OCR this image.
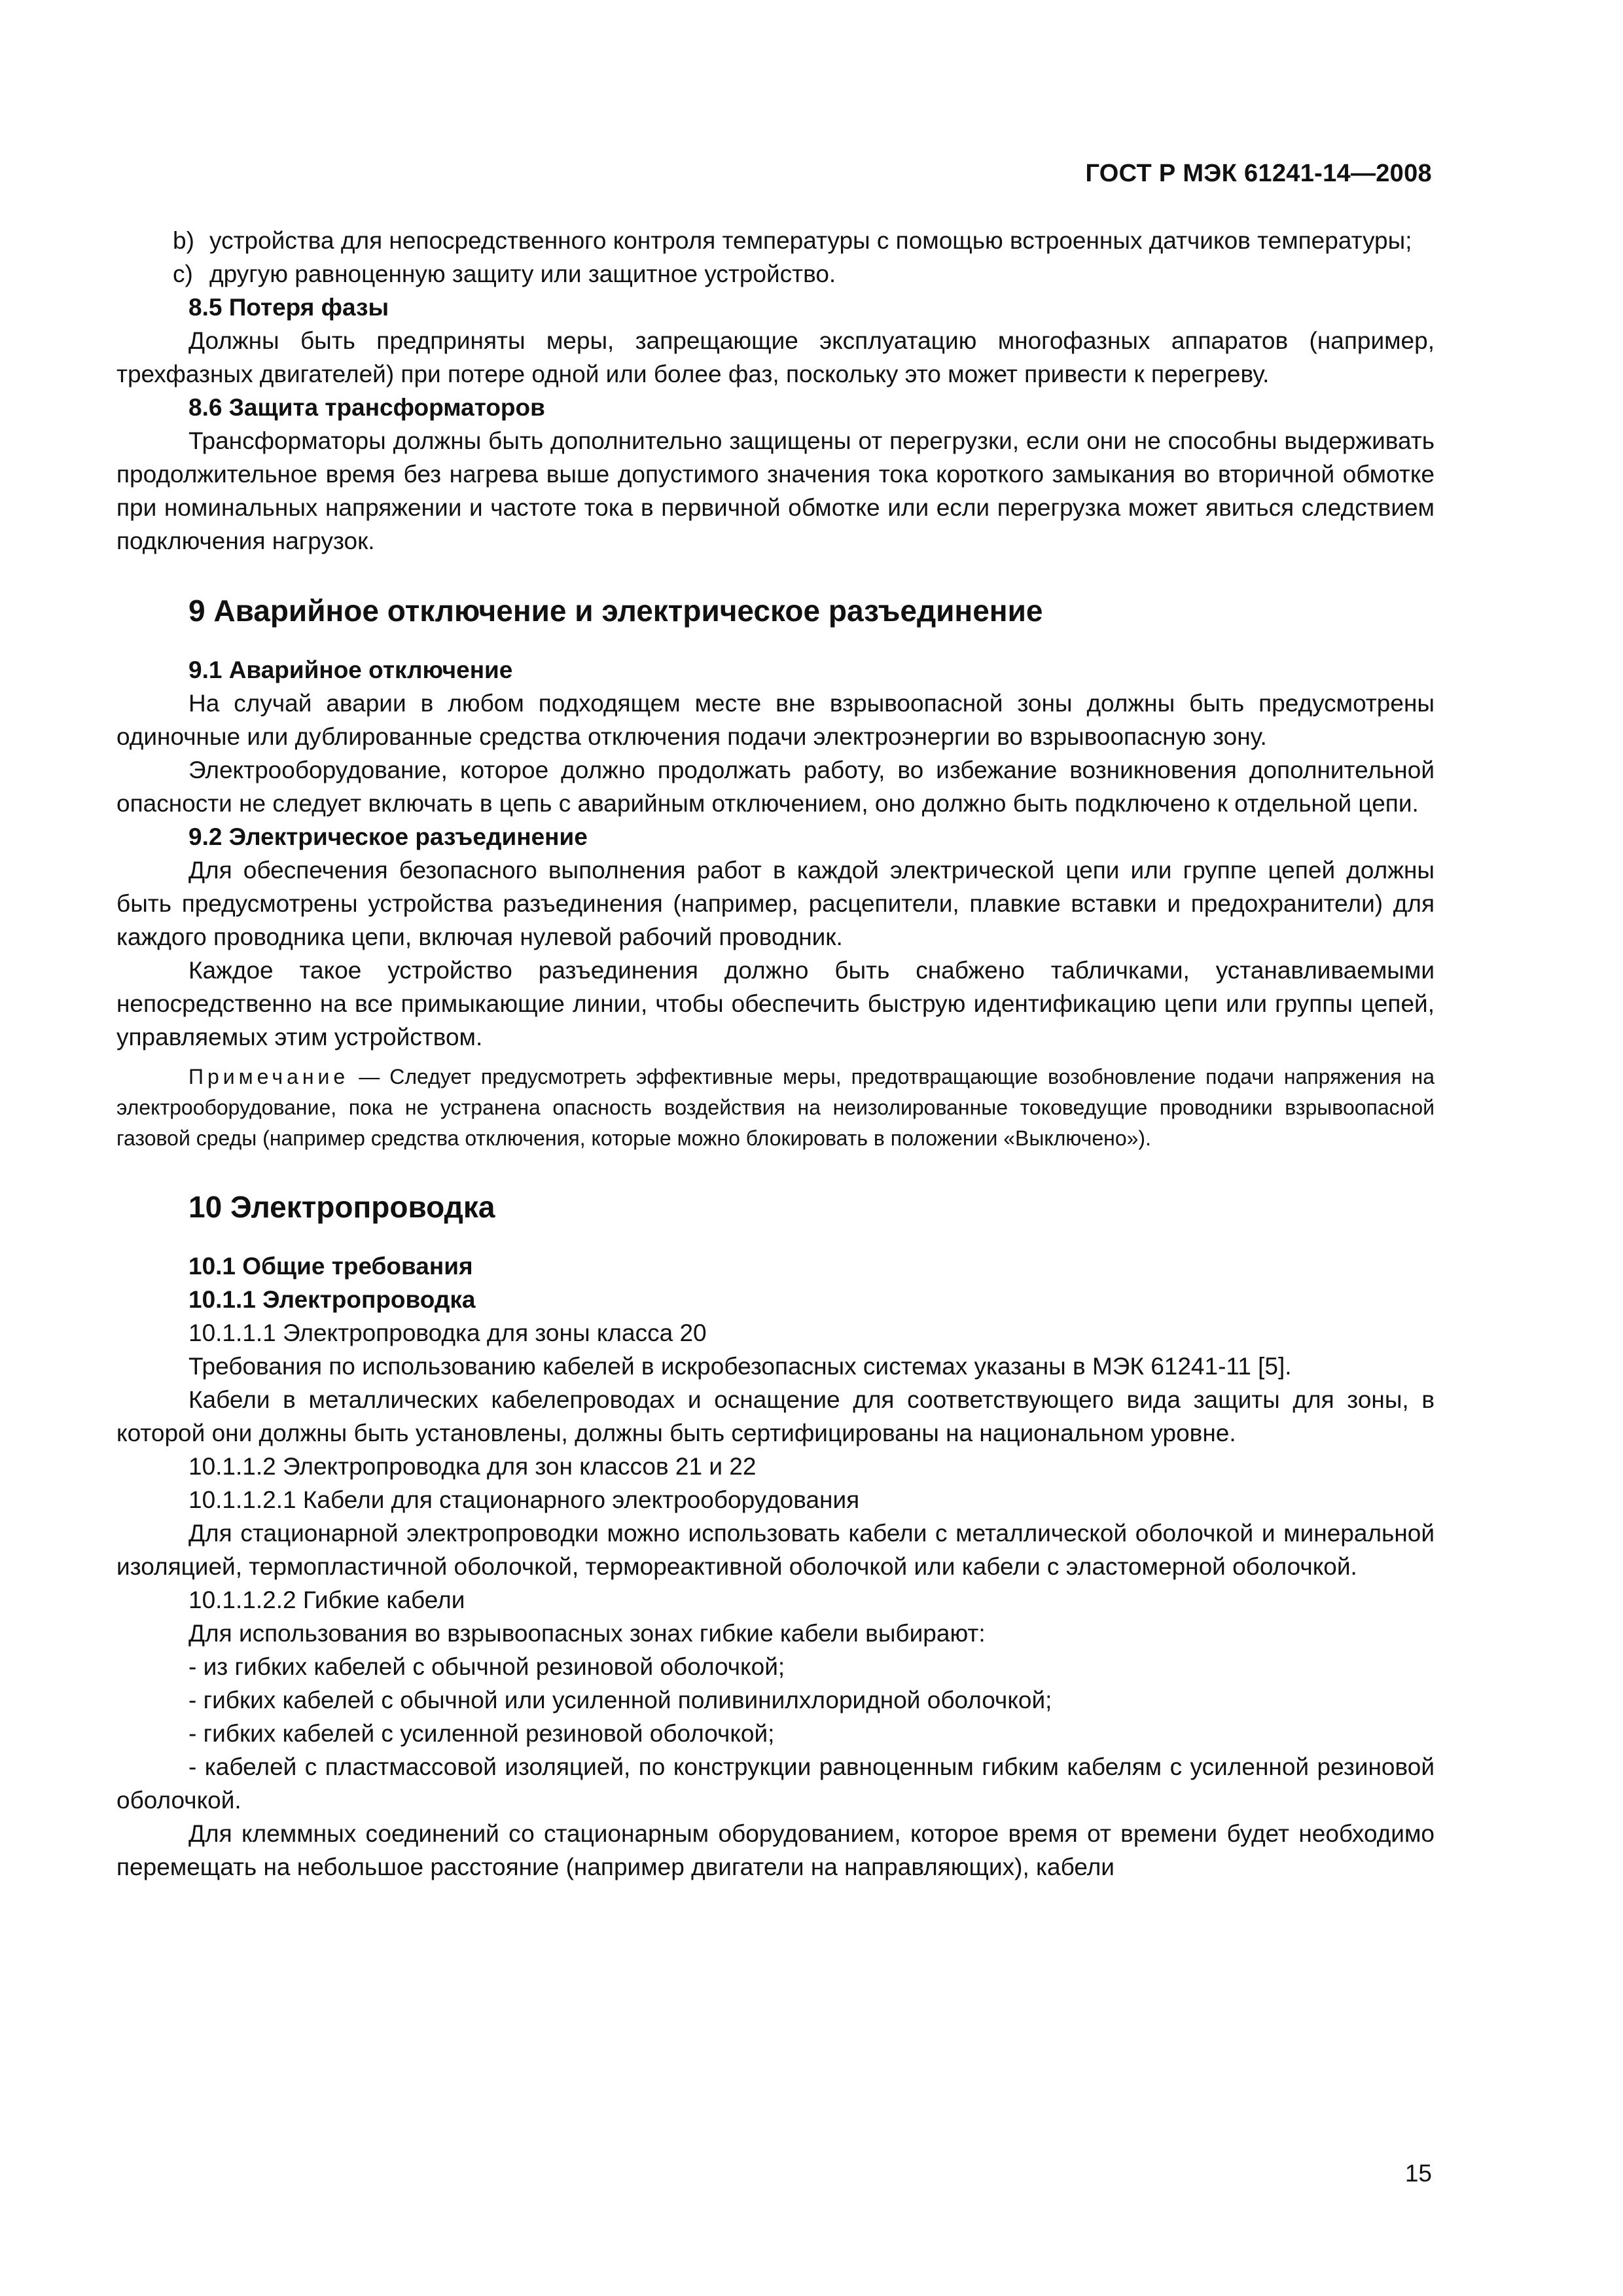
ГОСТ Р МЭК 61241-14—2008
b) устройства для непосредственного контроля температуры с помощью встроенных датчиков температуры;
c) другую равноценную защиту или защитное устройство.
8.5 Потеря фазы

Должны быть предприняты меры, запрещающие эксплуатацию многофазных аппаратов (например, трехфазных двигателей) при потере одной или более фаз, поскольку это может привести к перегреву.

8.6 Защита трансформаторов

Трансформаторы должны быть дополнительно защищены от перегрузки, если они не способны выдерживать продолжительное время без нагрева выше допустимого значения тока короткого замыкания во вторичной обмотке при номинальных напряжении и частоте тока в первичной обмотке или если перегрузка может явиться следствием подключения нагрузок.

9 Аварийное отключение и электрическое разъединение
9.1 Аварийное отключение

На случай аварии в любом подходящем месте вне взрывоопасной зоны должны быть предусмотрены одиночные или дублированные средства отключения подачи электроэнергии во взрывоопасную зону.

Электрооборудование, которое должно продолжать работу, во избежание возникновения дополнительной опасности не следует включать в цепь с аварийным отключением, оно должно быть подключено к отдельной цепи.

9.2 Электрическое разъединение

Для обеспечения безопасного выполнения работ в каждой электрической цепи или группе цепей должны быть предусмотрены устройства разъединения (например, расцепители, плавкие вставки и предохранители) для каждого проводника цепи, включая нулевой рабочий проводник.

Каждое такое устройство разъединения должно быть снабжено табличками, устанавливаемыми непосредственно на все примыкающие линии, чтобы обеспечить быструю идентификацию цепи или группы цепей, управляемых этим устройством.

Примечание — Следует предусмотреть эффективные меры, предотвращающие возобновление подачи напряжения на электрооборудование, пока не устранена опасность воздействия на неизолированные токоведущие проводники взрывоопасной газовой среды (например средства отключения, которые можно блокировать в положении «Выключено»).

10 Электропроводка
10.1 Общие требования
10.1.1 Электропроводка

10.1.1.1 Электропроводка для зоны класса 20

Требования по использованию кабелей в искробезопасных системах указаны в МЭК 61241-11 [5].

Кабели в металлических кабелепроводах и оснащение для соответствующего вида защиты для зоны, в которой они должны быть установлены, должны быть сертифицированы на национальном уровне.

10.1.1.2 Электропроводка для зон классов 21 и 22

10.1.1.2.1 Кабели для стационарного электрооборудования

Для стационарной электропроводки можно использовать кабели с металлической оболочкой и минеральной изоляцией, термопластичной оболочкой, термореактивной оболочкой или кабели с эластомерной оболочкой.

10.1.1.2.2 Гибкие кабели

Для использования во взрывоопасных зонах гибкие кабели выбирают:

- из гибких кабелей с обычной резиновой оболочкой;

- гибких кабелей с обычной или усиленной поливинилхлоридной оболочкой;

- гибких кабелей с усиленной резиновой оболочкой;

- кабелей с пластмассовой изоляцией, по конструкции равноценным гибким кабелям с усиленной резиновой оболочкой.

Для клеммных соединений со стационарным оборудованием, которое время от времени будет необходимо перемещать на небольшое расстояние (например двигатели на направляющих), кабели

15
